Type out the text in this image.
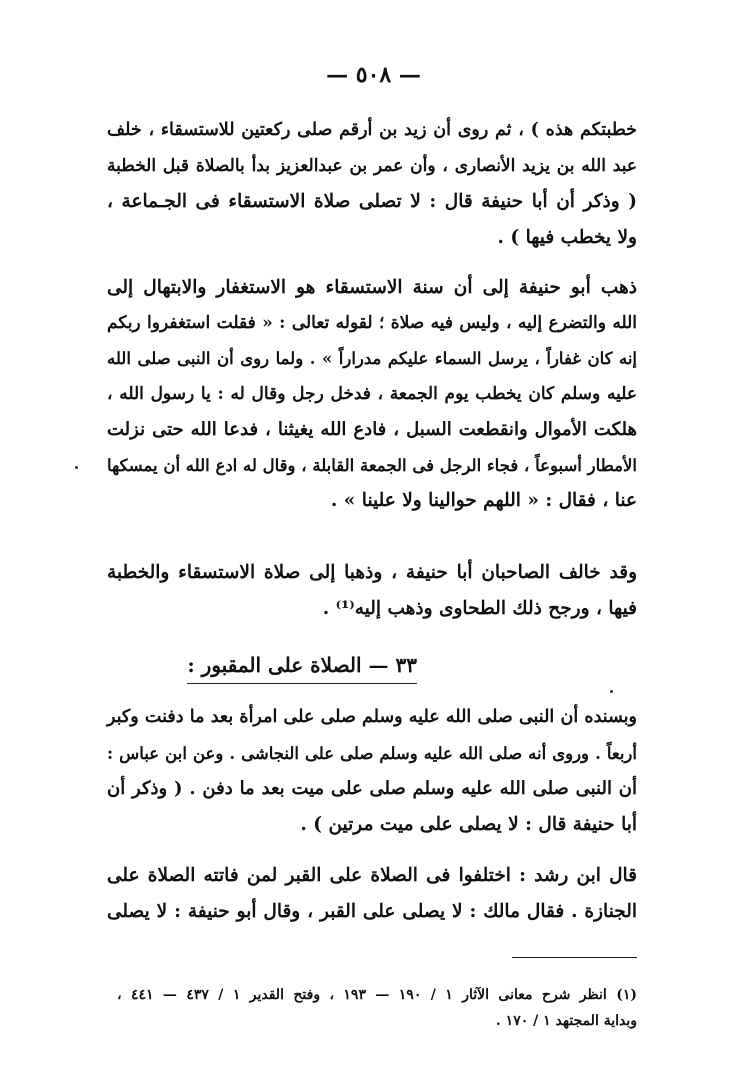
— ٥٠٨ —
خطبتكم هذه ) ، ثم روى أن زيد بن أرقم صلى ركعتين للاستسقاء ، خلف
عبد الله بن يزيد الأنصارى ، وأن عمر بن عبدالعزيز بدأ بالصلاة قبل الخطبة
( وذكر أن أبا حنيفة قال : لا تصلى صلاة الاستسقاء فى الجـماعة ،
ولا يخطب فيها ) .
ذهب أبو حنيفة إلى أن سنة الاستسقاء هو الاستغفار والابتهال إلى
الله والتضرع إليه ، وليس فيه صلاة ؛ لقوله تعالى : « فقلت استغفروا ربكم
إنه كان غفاراً ، يرسل السماء عليكم مدراراً » . ولما روى أن النبى صلى الله
عليه وسلم كان يخطب يوم الجمعة ، فدخل رجل وقال له : يا رسول الله ،
هلكت الأموال وانقطعت السبل ، فادع الله يغيثنا ، فدعا الله حتى نزلت
الأمطار أسبوعاً ، فجاء الرجل فى الجمعة القابلة ، وقال له ادع الله أن يمسكها
عنا ، فقال : « اللهم حوالينا ولا علينا » .
وقد خالف الصاحبان أبا حنيفة ، وذهبا إلى صلاة الاستسقاء والخطبة
فيها ، ورجح ذلك الطحاوى وذهب إليه⁽¹⁾ .
٣٣ — الصلاة على المقبور :
وبسنده أن النبى صلى الله عليه وسلم صلى على امرأة بعد ما دفنت وكبر
أربعاً . وروى أنه صلى الله عليه وسلم صلى على النجاشى . وعن ابن عباس :
أن النبى صلى الله عليه وسلم صلى على ميت بعد ما دفن . ( وذكر أن
أبا حنيفة قال : لا يصلى على ميت مرتين ) .
قال ابن رشد : اختلفوا فى الصلاة على القبر لمن فاتته الصلاة على
الجنازة . فقال مالك : لا يصلى على القبر ، وقال أبو حنيفة : لا يصلى
(١) انظر شرح معانى الآثار ١ / ١٩٠ — ١٩٣ ، وفتح القدير ١ / ٤٣٧ — ٤٤١ ،
وبداية المجتهد ١ / ١٧٠ .
